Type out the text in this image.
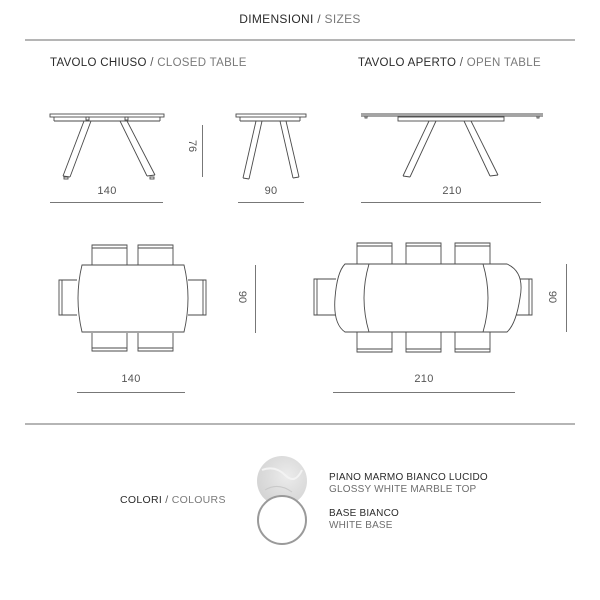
DIMENSIONI / SIZES
TAVOLO CHIUSO / CLOSED TABLE	TAVOLO APERTO / OPEN TABLE
76
140	90	210
90
140
90
210
COLORI / COLOURS
PIANO MARMO BIANCO LUCIDO
GLOSSY WHITE MARBLE TOP
BASE BIANCO
WHITE BASE
